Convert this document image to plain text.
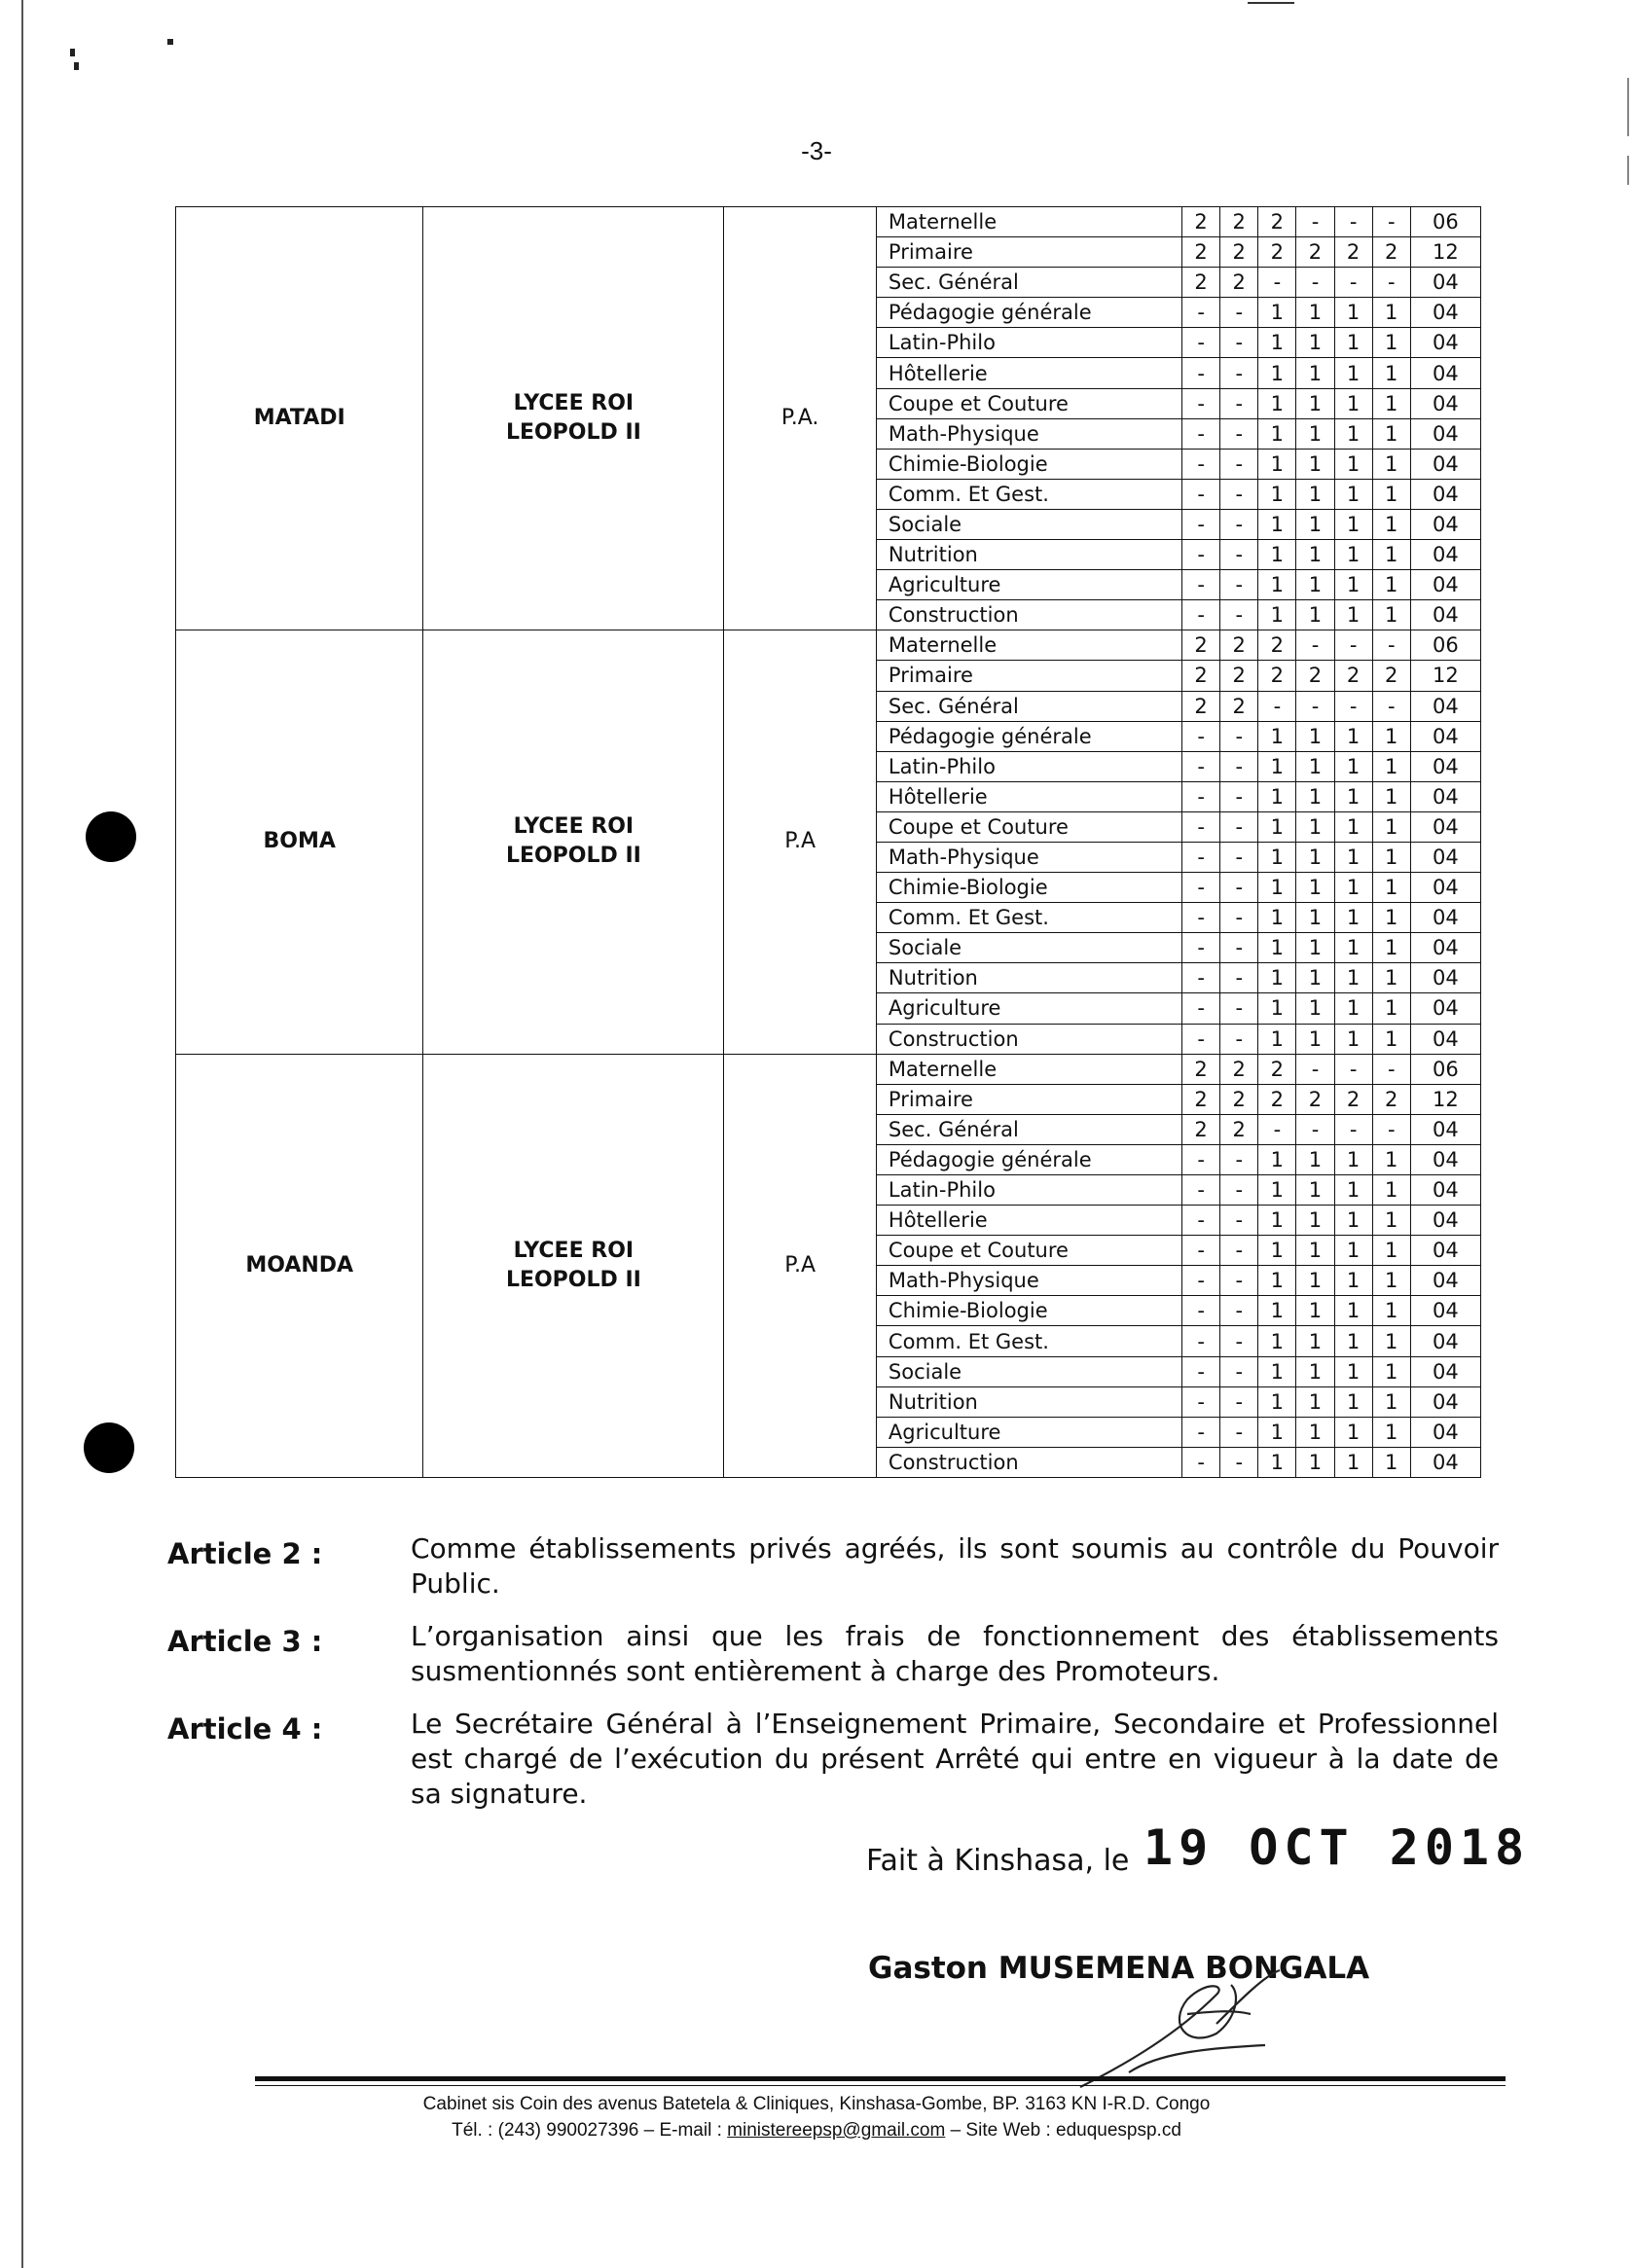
-3-
MATADI	LYCEE ROI
LEOPOLD II	P.A.	Maternelle	2	2	2	-	-	-	06
			Primaire	2	2	2	2	2	2	12
			Sec. Général	2	2	-	-	-	-	04
			Pédagogie générale	-	-	1	1	1	1	04
			Latin-Philo	-	-	1	1	1	1	04
			Hôtellerie	-	-	1	1	1	1	04
			Coupe et Couture	-	-	1	1	1	1	04
			Math-Physique	-	-	1	1	1	1	04
			Chimie-Biologie	-	-	1	1	1	1	04
			Comm. Et Gest.	-	-	1	1	1	1	04
			Sociale	-	-	1	1	1	1	04
			Nutrition	-	-	1	1	1	1	04
			Agriculture	-	-	1	1	1	1	04
			Construction	-	-	1	1	1	1	04
BOMA	LYCEE ROI
LEOPOLD II	P.A	Maternelle	2	2	2	-	-	-	06
			Primaire	2	2	2	2	2	2	12
			Sec. Général	2	2	-	-	-	-	04
			Pédagogie générale	-	-	1	1	1	1	04
			Latin-Philo	-	-	1	1	1	1	04
			Hôtellerie	-	-	1	1	1	1	04
			Coupe et Couture	-	-	1	1	1	1	04
			Math-Physique	-	-	1	1	1	1	04
			Chimie-Biologie	-	-	1	1	1	1	04
			Comm. Et Gest.	-	-	1	1	1	1	04
			Sociale	-	-	1	1	1	1	04
			Nutrition	-	-	1	1	1	1	04
			Agriculture	-	-	1	1	1	1	04
			Construction	-	-	1	1	1	1	04
MOANDA	LYCEE ROI
LEOPOLD II	P.A	Maternelle	2	2	2	-	-	-	06
			Primaire	2	2	2	2	2	2	12
			Sec. Général	2	2	-	-	-	-	04
			Pédagogie générale	-	-	1	1	1	1	04
			Latin-Philo	-	-	1	1	1	1	04
			Hôtellerie	-	-	1	1	1	1	04
			Coupe et Couture	-	-	1	1	1	1	04
			Math-Physique	-	-	1	1	1	1	04
			Chimie-Biologie	-	-	1	1	1	1	04
			Comm. Et Gest.	-	-	1	1	1	1	04
			Sociale	-	-	1	1	1	1	04
			Nutrition	-	-	1	1	1	1	04
			Agriculture	-	-	1	1	1	1	04
			Construction	-	-	1	1	1	1	04
Article 2 :	Comme établissements privés agréés, ils sont soumis au contrôle du Pouvoir Public.
Article 3 :	L’organisation ainsi que les frais de fonctionnement des établissements susmentionnés sont entièrement à charge des Promoteurs.
Article 4 :	Le Secrétaire Général à l’Enseignement Primaire, Secondaire et Professionnel est chargé de l’exécution du présent Arrêté qui entre en vigueur à la date de sa signature.
Fait à Kinshasa, le 19 OCT 2018
Gaston MUSEMENA BONGALA
Cabinet sis Coin des avenus Batetela & Cliniques, Kinshasa-Gombe, BP. 3163 KN I-R.D. Congo
Tél. : (243) 990027396 – E-mail : ministereepsp@gmail.com – Site Web : eduquespsp.cd
